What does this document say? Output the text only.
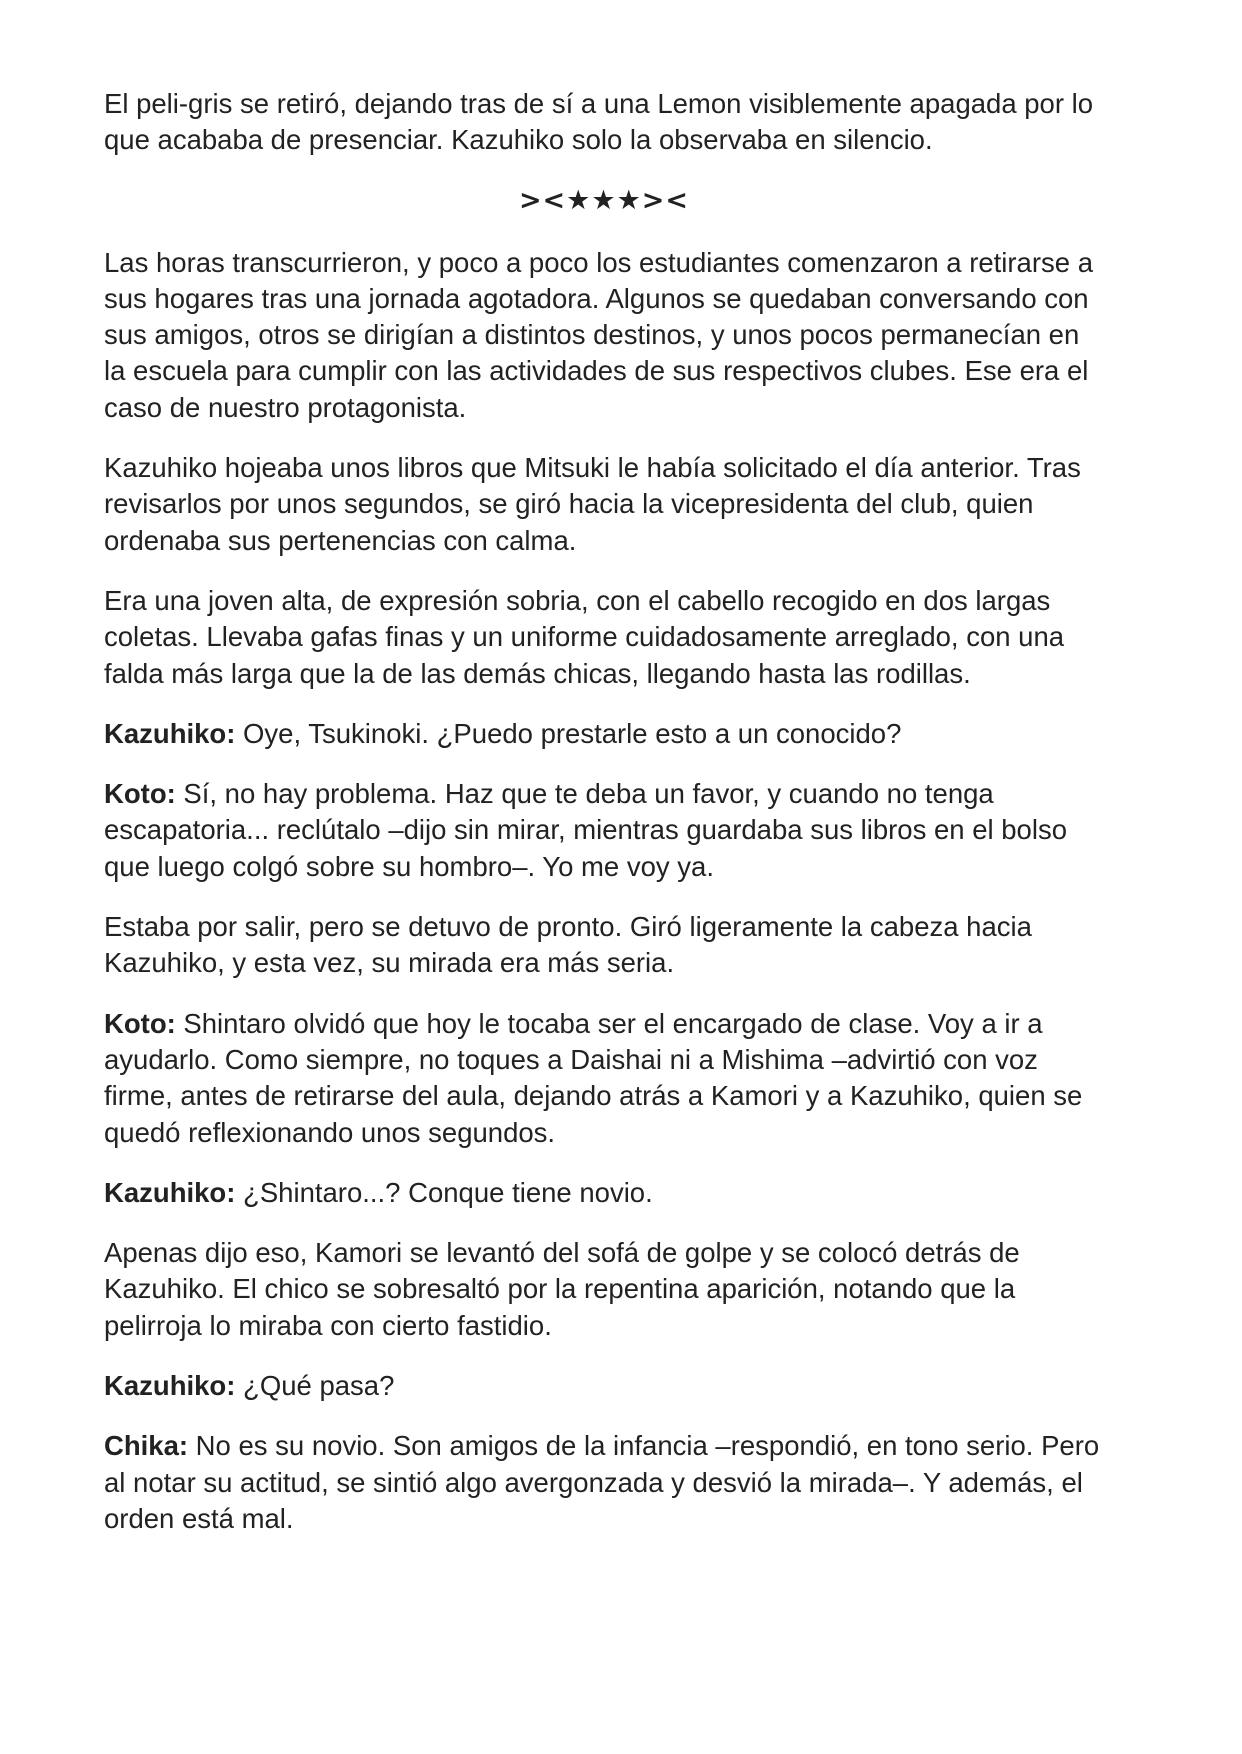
El peli-gris se retiró, dejando tras de sí a una Lemon visiblemente apagada por lo que acababa de presenciar. Kazuhiko solo la observaba en silencio.

><★★★><

Las horas transcurrieron, y poco a poco los estudiantes comenzaron a retirarse a sus hogares tras una jornada agotadora. Algunos se quedaban conversando con sus amigos, otros se dirigían a distintos destinos, y unos pocos permanecían en la escuela para cumplir con las actividades de sus respectivos clubes. Ese era el caso de nuestro protagonista.

Kazuhiko hojeaba unos libros que Mitsuki le había solicitado el día anterior. Tras revisarlos por unos segundos, se giró hacia la vicepresidenta del club, quien ordenaba sus pertenencias con calma.

Era una joven alta, de expresión sobria, con el cabello recogido en dos largas coletas. Llevaba gafas finas y un uniforme cuidadosamente arreglado, con una falda más larga que la de las demás chicas, llegando hasta las rodillas.

Kazuhiko: Oye, Tsukinoki. ¿Puedo prestarle esto a un conocido?

Koto: Sí, no hay problema. Haz que te deba un favor, y cuando no tenga escapatoria... reclútalo –dijo sin mirar, mientras guardaba sus libros en el bolso que luego colgó sobre su hombro–. Yo me voy ya.

Estaba por salir, pero se detuvo de pronto. Giró ligeramente la cabeza hacia Kazuhiko, y esta vez, su mirada era más seria.

Koto: Shintaro olvidó que hoy le tocaba ser el encargado de clase. Voy a ir a ayudarlo. Como siempre, no toques a Daishai ni a Mishima –advirtió con voz firme, antes de retirarse del aula, dejando atrás a Kamori y a Kazuhiko, quien se quedó reflexionando unos segundos.

Kazuhiko: ¿Shintaro...? Conque tiene novio.

Apenas dijo eso, Kamori se levantó del sofá de golpe y se colocó detrás de Kazuhiko. El chico se sobresaltó por la repentina aparición, notando que la pelirroja lo miraba con cierto fastidio.

Kazuhiko: ¿Qué pasa?

Chika: No es su novio. Son amigos de la infancia –respondió, en tono serio. Pero al notar su actitud, se sintió algo avergonzada y desvió la mirada–. Y además, el orden está mal.
